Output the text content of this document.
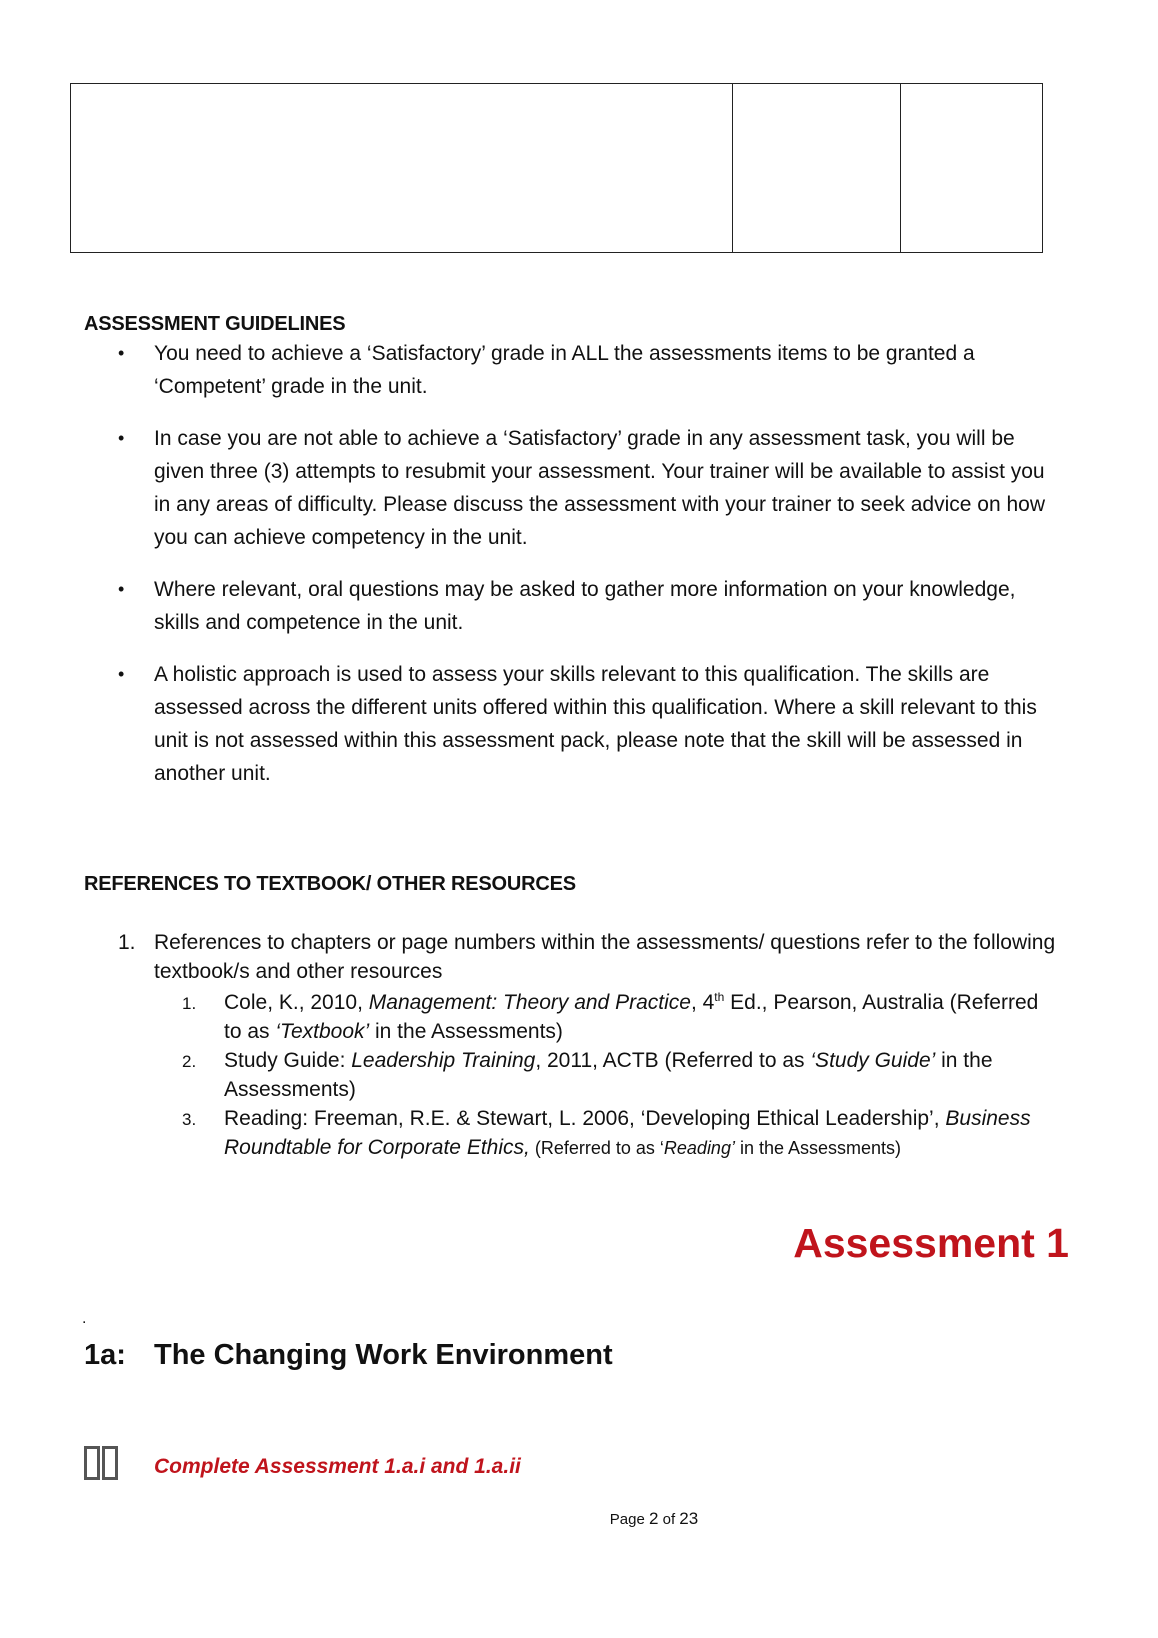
ASSESSMENT GUIDELINES
• You need to achieve a ‘Satisfactory’ grade in ALL the assessments items to be granted a ‘Competent’ grade in the unit.
• In case you are not able to achieve a ‘Satisfactory’ grade in any assessment task, you will be given three (3) attempts to resubmit your assessment. Your trainer will be available to assist you in any areas of difficulty. Please discuss the assessment with your trainer to seek advice on how you can achieve competency in the unit.
• Where relevant, oral questions may be asked to gather more information on your knowledge, skills and competence in the unit.
• A holistic approach is used to assess your skills relevant to this qualification. The skills are assessed across the different units offered within this qualification. Where a skill relevant to this unit is not assessed within this assessment pack, please note that the skill will be assessed in another unit.
REFERENCES TO TEXTBOOK/ OTHER RESOURCES
1. References to chapters or page numbers within the assessments/ questions refer to the following textbook/s and other resources
1. Cole, K., 2010, Management: Theory and Practice, 4th Ed., Pearson, Australia (Referred to as ‘Textbook’ in the Assessments)
2. Study Guide: Leadership Training, 2011, ACTB (Referred to as ‘Study Guide’ in the Assessments)
3. Reading: Freeman, R.E. & Stewart, L. 2006, ‘Developing Ethical Leadership’, Business Roundtable for Corporate Ethics, (Referred to as ‘Reading’ in the Assessments)
Assessment 1
.
1a: The Changing Work Environment
Complete Assessment 1.a.i and 1.a.ii
Page 2 of 23
